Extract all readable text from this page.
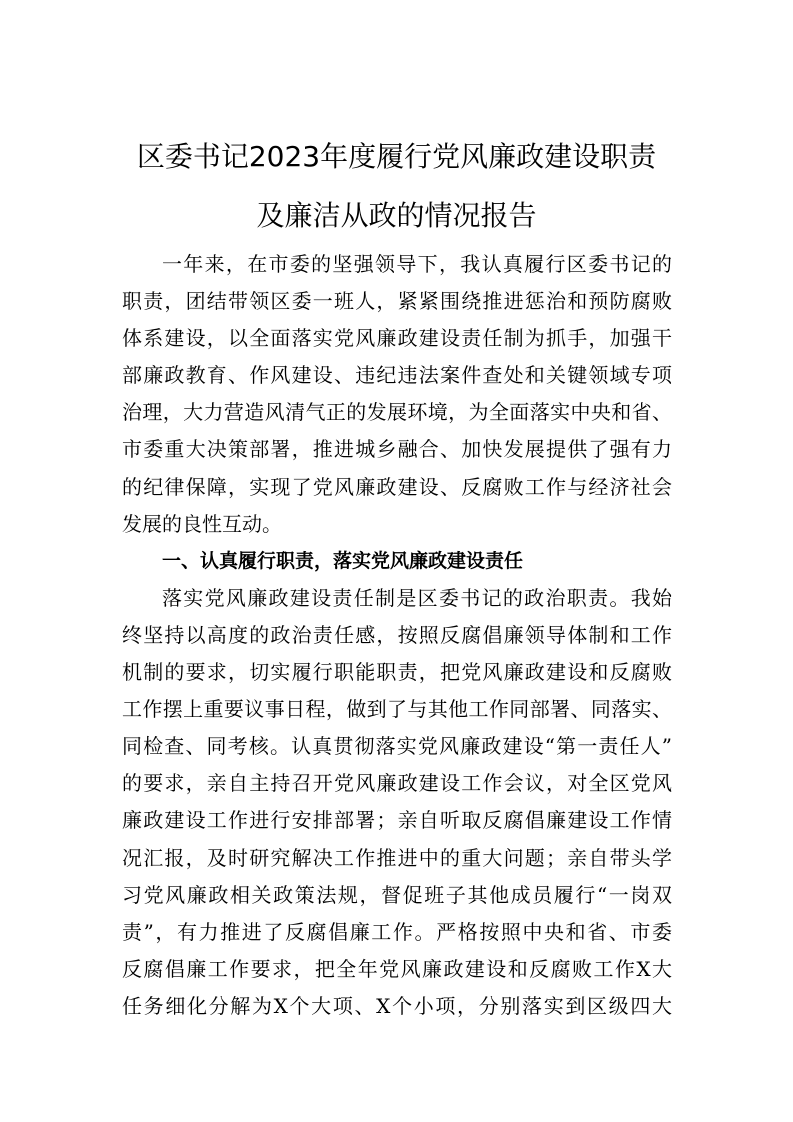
区委书记2023年度履行党风廉政建设职责
及廉洁从政的情况报告
一年来，在市委的坚强领导下，我认真履行区委书记的
职责，团结带领区委一班人，紧紧围绕推进惩治和预防腐败
体系建设，以全面落实党风廉政建设责任制为抓手，加强干
部廉政教育、作风建设、违纪违法案件查处和关键领域专项
治理，大力营造风清气正的发展环境，为全面落实中央和省、
市委重大决策部署，推进城乡融合、加快发展提供了强有力
的纪律保障，实现了党风廉政建设、反腐败工作与经济社会
发展的良性互动。
一、认真履行职责，落实党风廉政建设责任
落实党风廉政建设责任制是区委书记的政治职责。我始
终坚持以高度的政治责任感，按照反腐倡廉领导体制和工作
机制的要求，切实履行职能职责，把党风廉政建设和反腐败
工作摆上重要议事日程，做到了与其他工作同部署、同落实、
同检查、同考核。认真贯彻落实党风廉政建设“第一责任人”
的要求，亲自主持召开党风廉政建设工作会议，对全区党风
廉政建设工作进行安排部署；亲自听取反腐倡廉建设工作情
况汇报，及时研究解决工作推进中的重大问题；亲自带头学
习党风廉政相关政策法规，督促班子其他成员履行“一岗双
责”，有力推进了反腐倡廉工作。严格按照中央和省、市委
反腐倡廉工作要求，把全年党风廉政建设和反腐败工作X大
任务细化分解为X个大项、X个小项，分别落实到区级四大
